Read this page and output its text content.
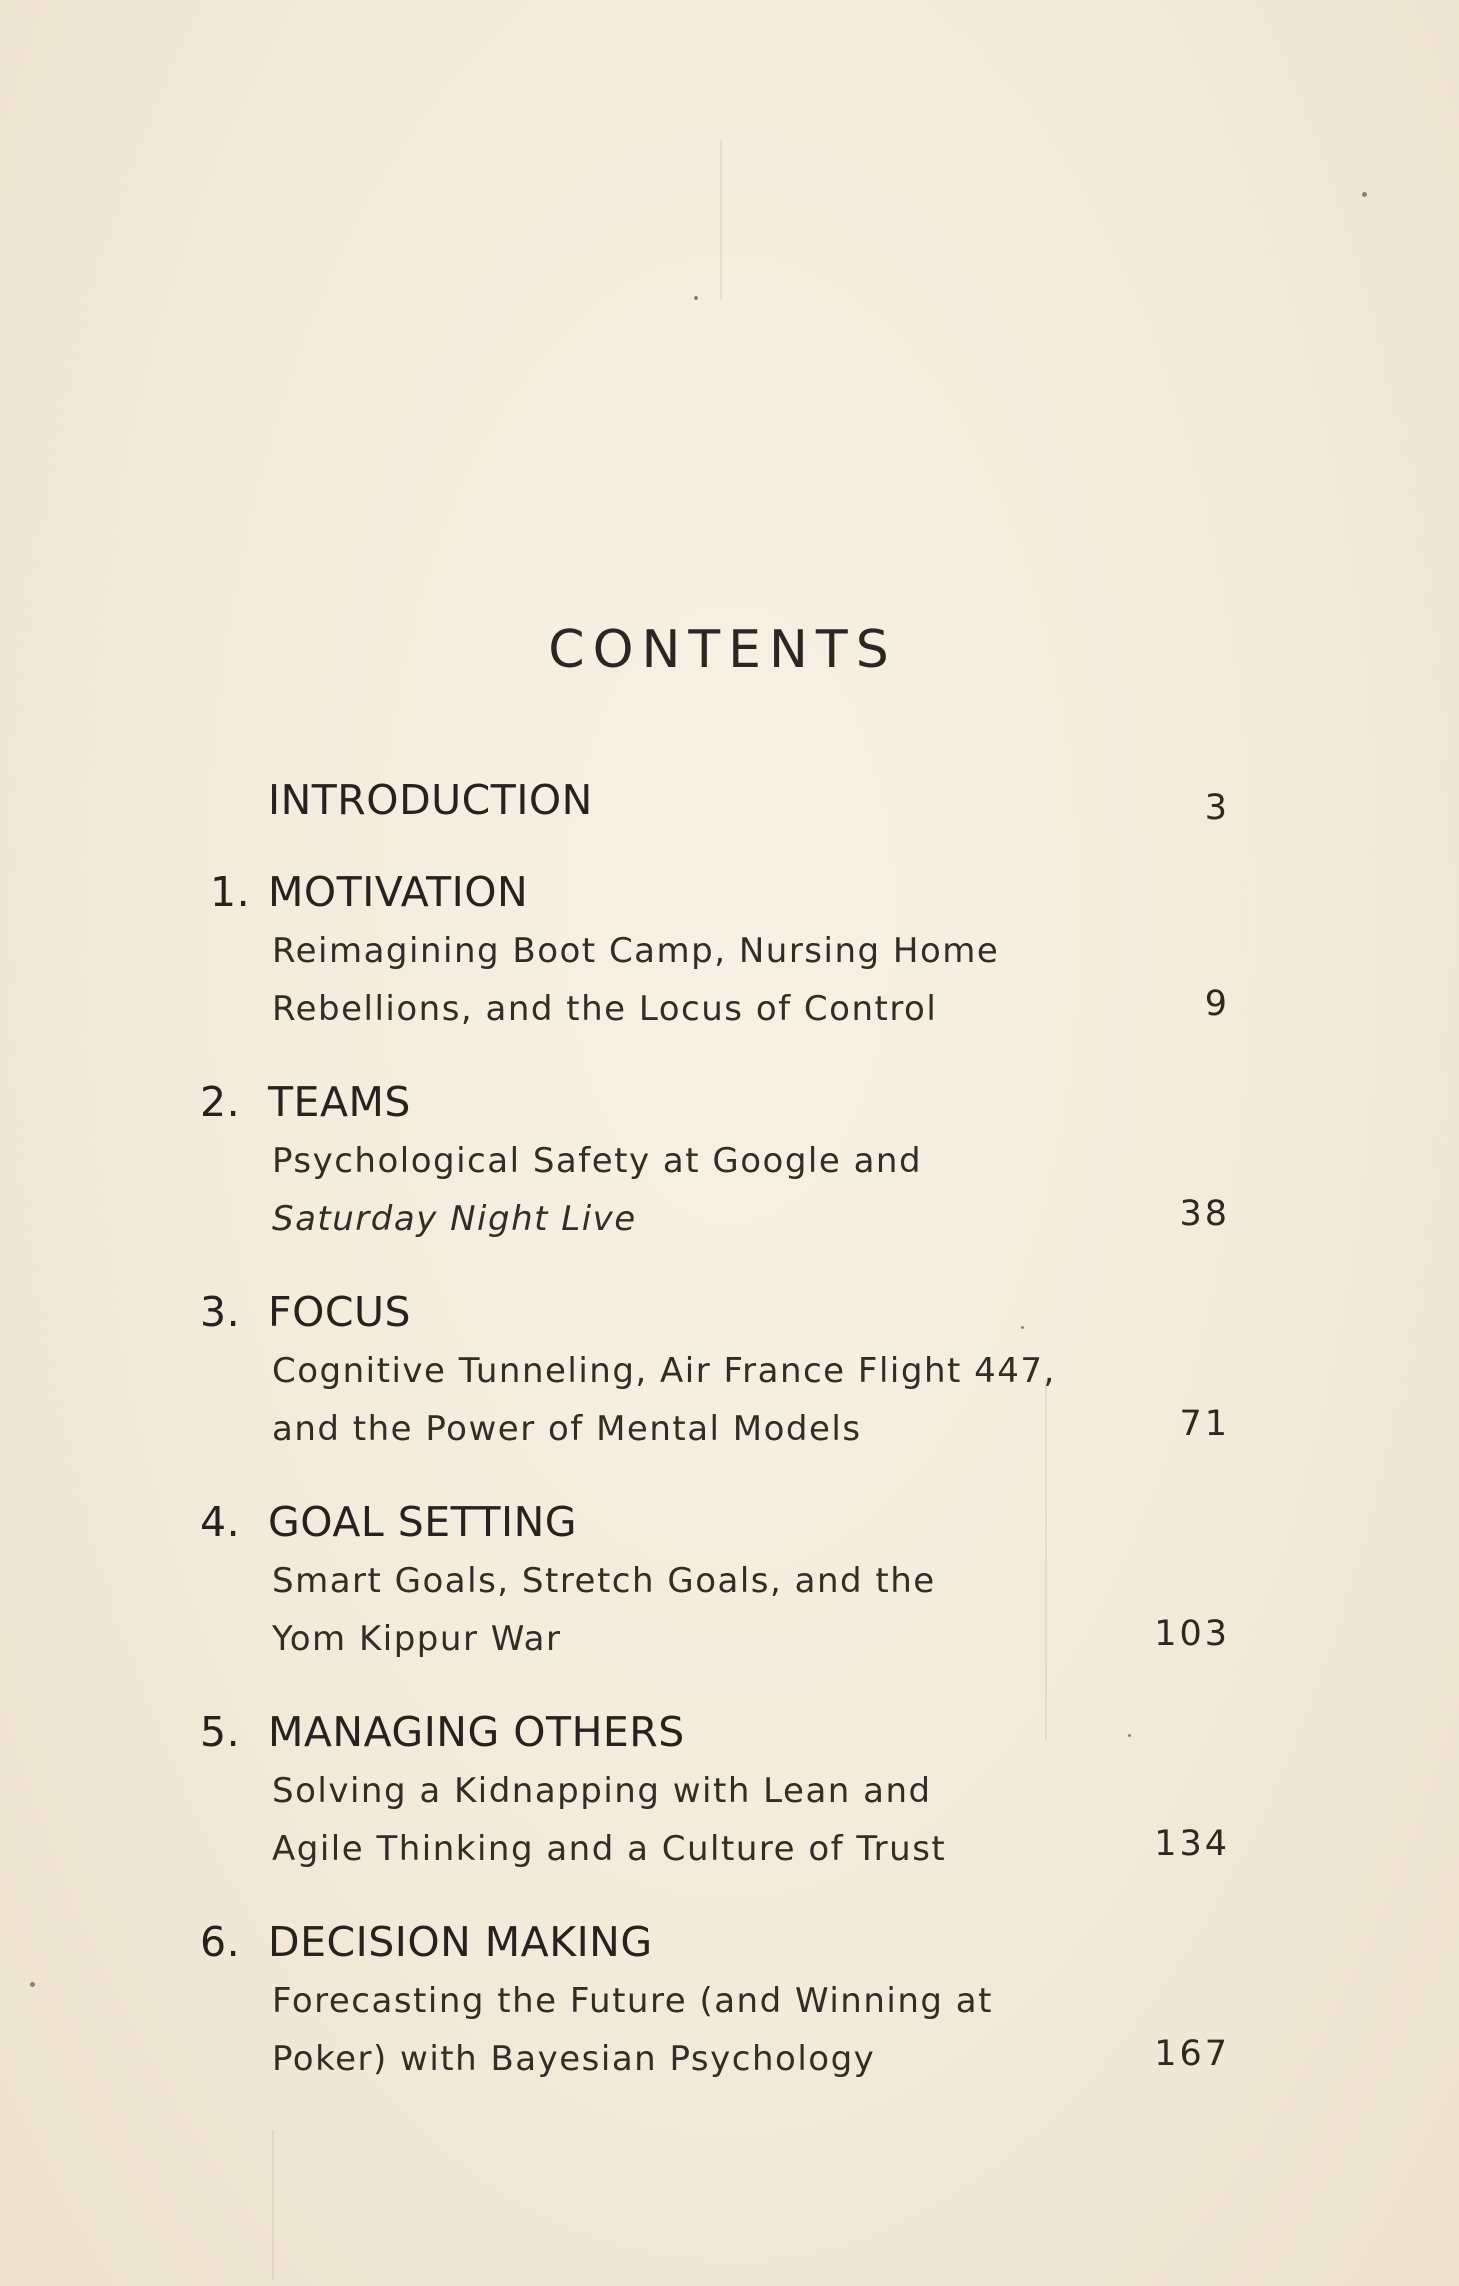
CONTENTS
INTRODUCTION	3
1. MOTIVATION
Reimagining Boot Camp, Nursing Home
Rebellions, and the Locus of Control	9
2. TEAMS
Psychological Safety at Google and
Saturday Night Live	38
3. FOCUS
Cognitive Tunneling, Air France Flight 447,
and the Power of Mental Models	71
4. GOAL SETTING
Smart Goals, Stretch Goals, and the
Yom Kippur War	103
5. MANAGING OTHERS
Solving a Kidnapping with Lean and
Agile Thinking and a Culture of Trust	134
6. DECISION MAKING
Forecasting the Future (and Winning at
Poker) with Bayesian Psychology	167
